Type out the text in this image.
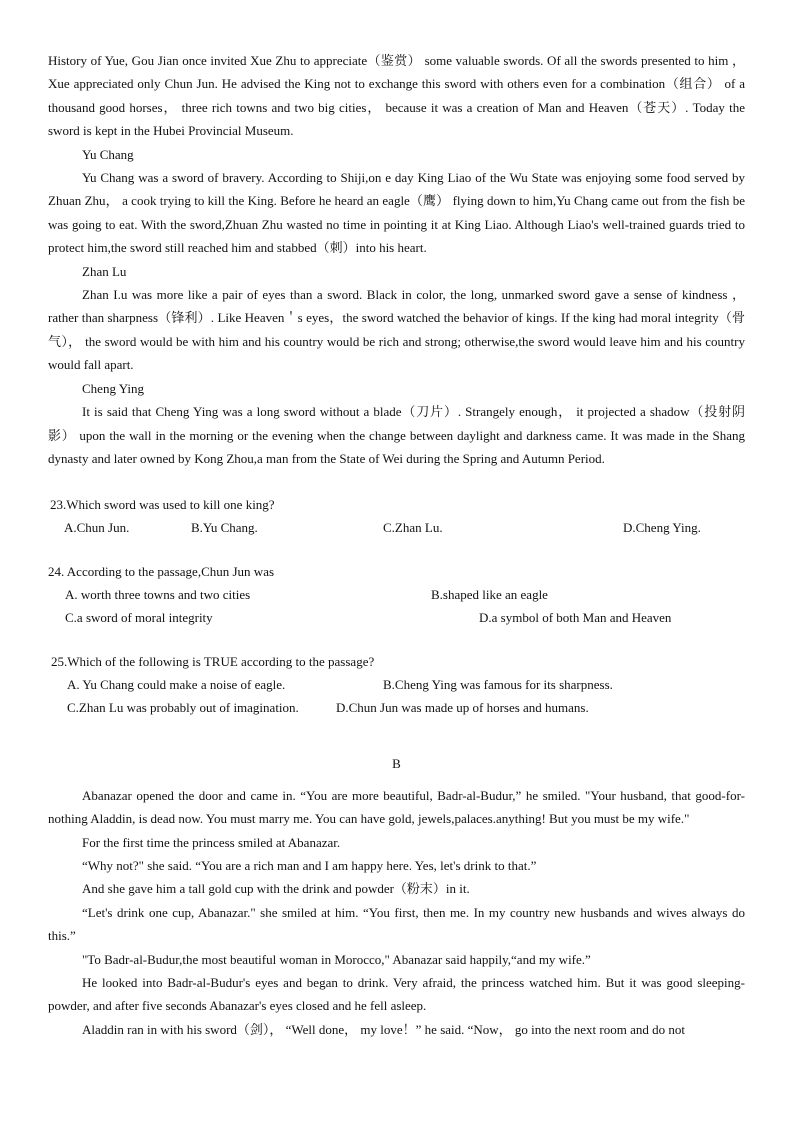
History of Yue, Gou Jian once invited Xue Zhu to appreciate（鉴赏） some valuable swords. Of all the swords presented to him ， Xue appreciated only Chun Jun. He advised the King not to exchange this sword with others even for a combination（组合） of a thousand good horses， three rich towns and two big cities， because it was a creation of Man and Heaven（苍天）. Today the sword is kept in the Hubei Provincial Museum.

Yu Chang

Yu Chang was a sword of bravery. According to Shiji,on e day King Liao of the Wu State was enjoying some food served by Zhuan Zhu， a cook trying to kill the King. Before he heard an eagle（鹰） flying down to him,Yu Chang came out from the fish be was going to eat. With the sword,Zhuan Zhu wasted no time in pointing it at King Liao. Although Liao's well-trained guards tried to protect him,the sword still reached him and stabbed（刺）into his heart.

Zhan Lu

Zhan I.u was more like a pair of eyes than a sword. Black in color, the long, unmarked sword gave a sense of kindness ， rather than sharpness（锋利）. Like Heaven＇s eyes，the sword watched the behavior of kings. If the king had moral integrity（骨气）， the sword would be with him and his country would be rich and strong; otherwise,the sword would leave him and his country would fall apart.

Cheng Ying

It is said that Cheng Ying was a long sword without a blade（刀片）. Strangely enough， it projected a shadow（投射阴影） upon the wall in the morning or the evening when the change between daylight and darkness came. It was made in the Shang dynasty and later owned by Kong Zhou,a man from the State of Wei during the Spring and Autumn Period.

23.Which sword was used to kill one king?

A.Chun Jun.	B.Yu Chang.	C.Zhan Lu.	D.Cheng Ying.

24. According to the passage,Chun Jun was

A. worth three towns and two cities	B.shaped like an eagle
C.a sword of moral integrity	D.a symbol of both Man and Heaven

25.Which of the following is TRUE according to the passage?

A. Yu Chang could make a noise of eagle.	B.Cheng Ying was famous for its sharpness.
C.Zhan Lu was probably out of imagination.	D.Chun Jun was made up of horses and humans.

B

Abanazar opened the door and came in. “You are more beautiful, Badr-al-Budur,” he smiled. "Your husband, that good-for-nothing Aladdin, is dead now. You must marry me. You can have gold, jewels,palaces.anything! But you must be my wife."

For the first time the princess smiled at Abanazar.

“Why not?" she said. “You are a rich man and I am happy here. Yes, let's drink to that.”

And she gave him a tall gold cup with the drink and powder（粉末）in it.

“Let's drink one cup, Abanazar." she smiled at him. “You first, then me. In my country new husbands and wives always do this.”

"To Badr-al-Budur,the most beautiful woman in Morocco," Abanazar said happily,“and my wife.”

He looked into Badr-al-Budur's eyes and began to drink. Very afraid, the princess watched him. But it was good sleeping-powder, and after five seconds Abanazar's eyes closed and he fell asleep.

Aladdin ran in with his sword（剑）， “Well done， my love！” he said. “Now， go into the next room and do not
